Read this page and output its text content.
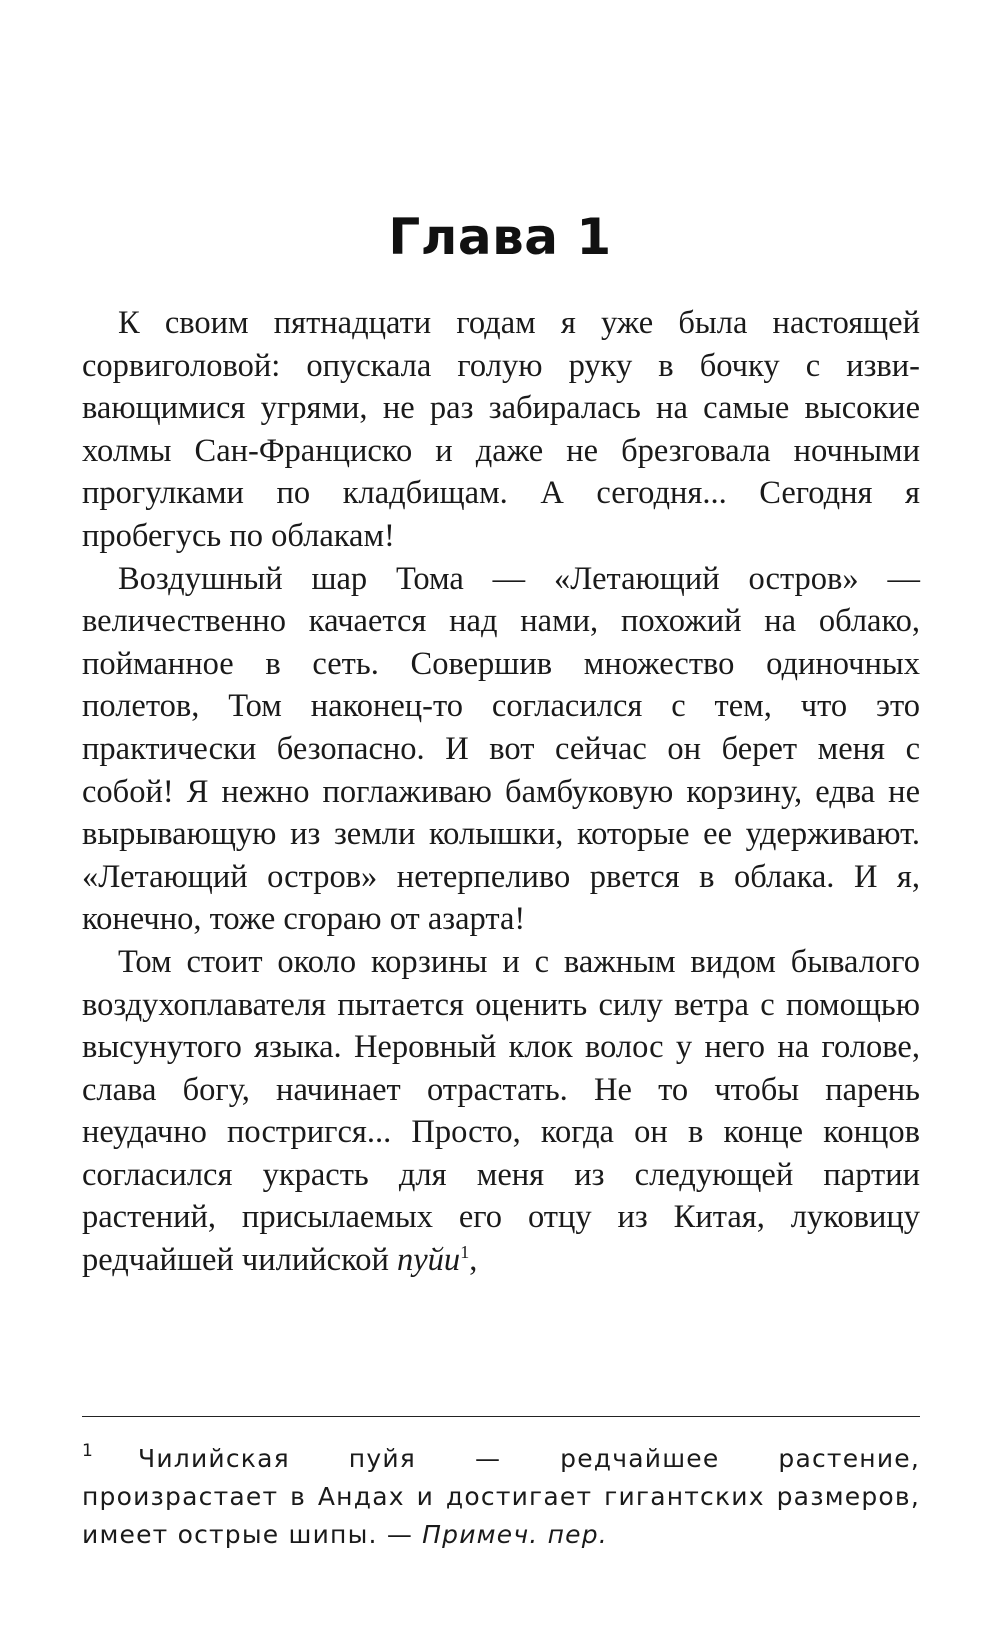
Глава 1

К своим пятнадцати годам я уже была настоящей сорвиголовой: опускала голую руку в бочку с извивающимися угрями, не раз забиралась на самые высокие холмы Сан-Франциско и даже не брезговала ночными прогулками по кладбищам. А сегодня... Сегодня я пробегусь по облакам!

Воздушный шар Тома — «Летающий остров» — величественно качается над нами, похожий на облако, пойманное в сеть. Совершив множество одиночных полетов, Том наконец-то согласился с тем, что это практически безопасно. И вот сейчас он берет меня с собой! Я нежно поглаживаю бамбуковую корзину, едва не вырывающую из земли колышки, которые ее удерживают. «Летающий остров» нетерпеливо рвется в облака. И я, конечно, тоже сгораю от азарта!

Том стоит около корзины и с важным видом бывалого воздухоплавателя пытается оценить силу ветра с помощью высунутого языка. Неровный клок волос у него на голове, слава богу, начинает отрастать. Не то чтобы парень неудачно постригся... Просто, когда он в конце концов согласился украсть для меня из следующей партии растений, присылаемых его отцу из Китая, луковицу редчайшей чилийской пуйи$^1$,

1 Чилийская пуйя — редчайшее растение, произрастает в Андах и достигает гигантских размеров, имеет острые шипы. — Примеч. пер.
